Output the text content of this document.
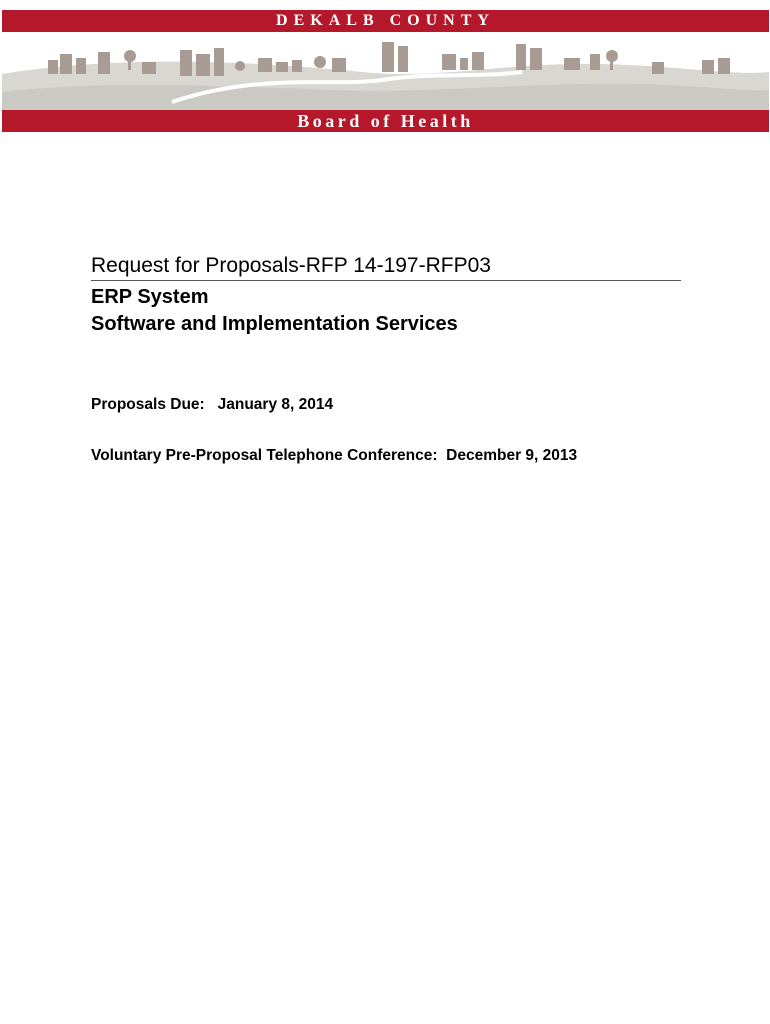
DEKALB COUNTY
Board of Health
Request for Proposals-RFP 14-197-RFP03
ERP System
Software and Implementation Services
Proposals Due: January 8, 2014
Voluntary Pre-Proposal Telephone Conference: December 9, 2013
